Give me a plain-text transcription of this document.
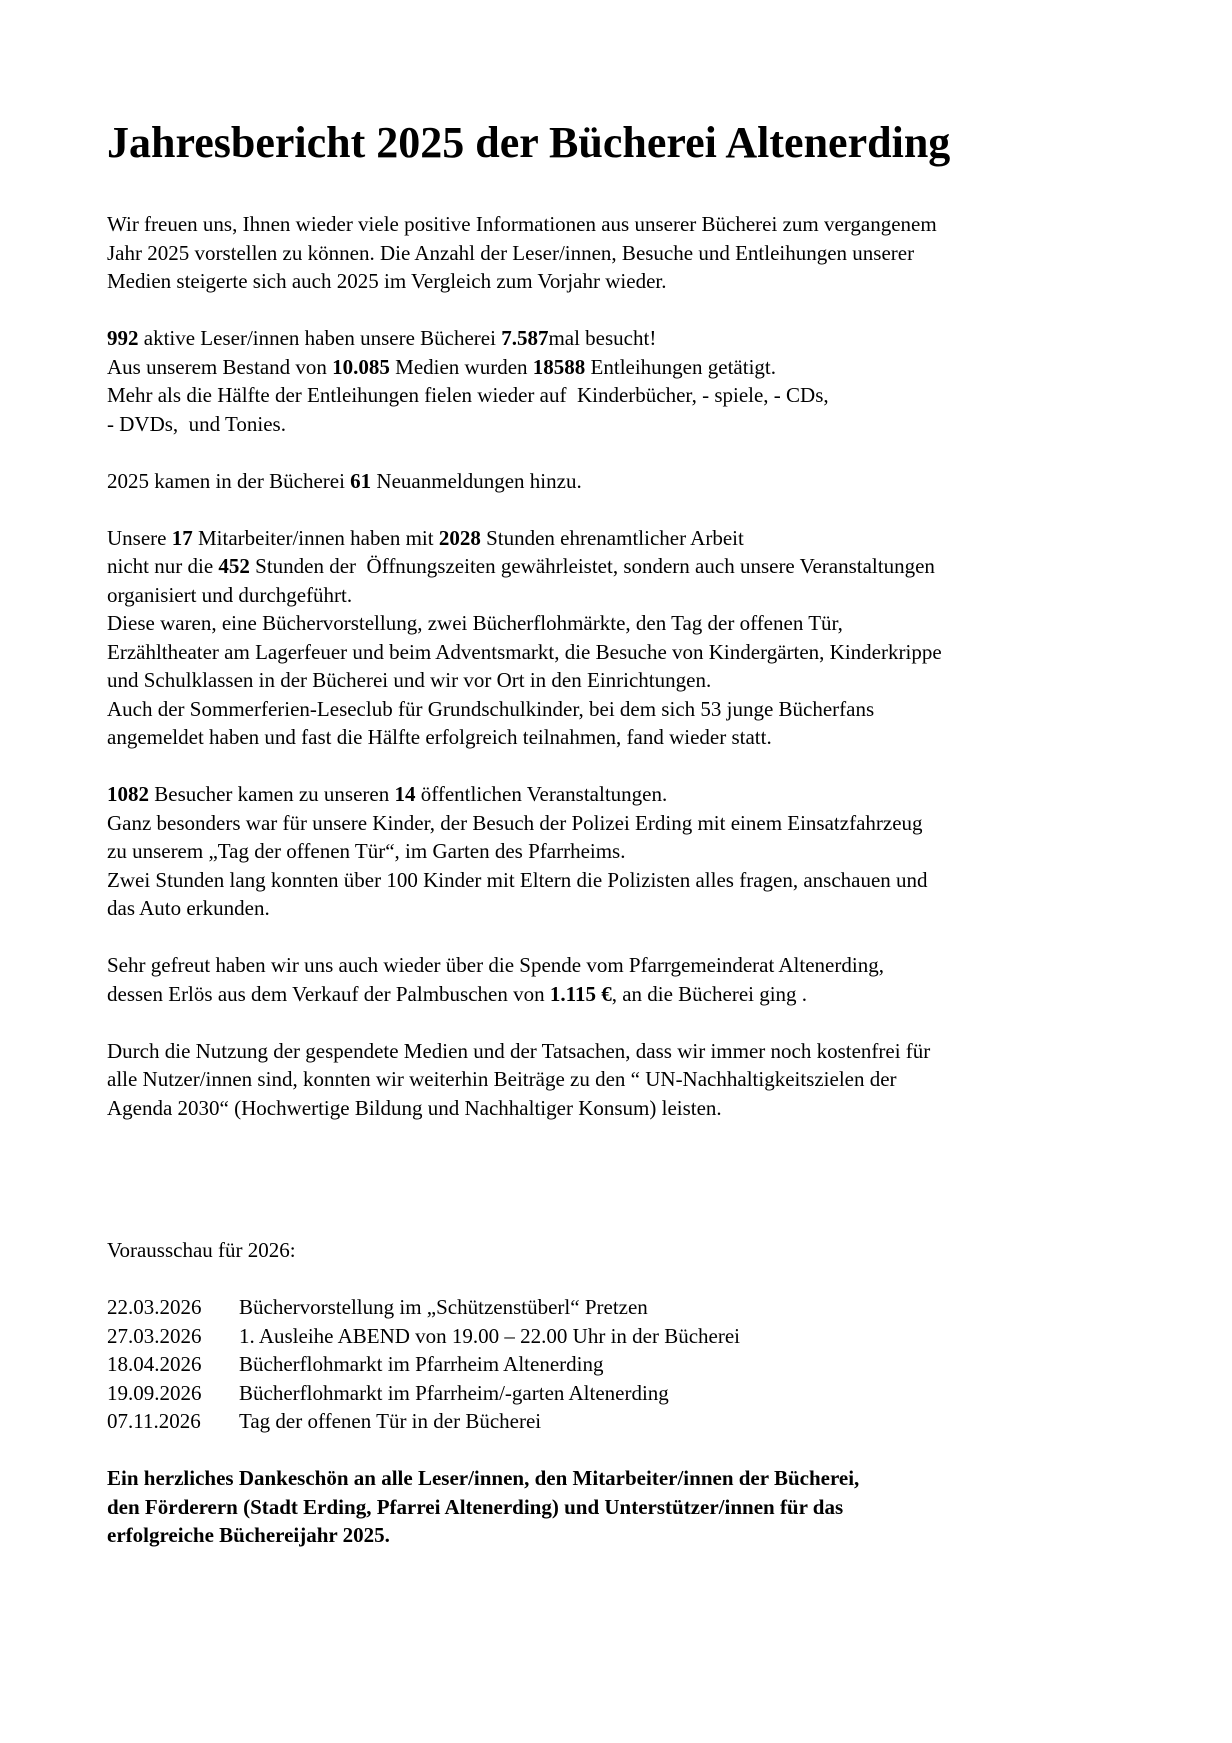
Jahresbericht 2025 der Bücherei Altenerding
Wir freuen uns, Ihnen wieder viele positive Informationen aus unserer Bücherei zum vergangenem
Jahr 2025 vorstellen zu können. Die Anzahl der Leser/innen, Besuche und Entleihungen unserer
Medien steigerte sich auch 2025 im Vergleich zum Vorjahr wieder.
992 aktive Leser/innen haben unsere Bücherei 7.587mal besucht!
Aus unserem Bestand von 10.085 Medien wurden 18588 Entleihungen getätigt.
Mehr als die Hälfte der Entleihungen fielen wieder auf  Kinderbücher, - spiele, - CDs,
- DVDs,  und Tonies.
2025 kamen in der Bücherei 61 Neuanmeldungen hinzu.
Unsere 17 Mitarbeiter/innen haben mit 2028 Stunden ehrenamtlicher Arbeit
nicht nur die 452 Stunden der  Öffnungszeiten gewährleistet, sondern auch unsere Veranstaltungen
organisiert und durchgeführt.
Diese waren, eine Büchervorstellung, zwei Bücherflohmärkte, den Tag der offenen Tür,
Erzähltheater am Lagerfeuer und beim Adventsmarkt, die Besuche von Kindergärten, Kinderkrippe
und Schulklassen in der Bücherei und wir vor Ort in den Einrichtungen.
Auch der Sommerferien-Leseclub für Grundschulkinder, bei dem sich 53 junge Bücherfans
angemeldet haben und fast die Hälfte erfolgreich teilnahmen, fand wieder statt.
1082 Besucher kamen zu unseren 14 öffentlichen Veranstaltungen.
Ganz besonders war für unsere Kinder, der Besuch der Polizei Erding mit einem Einsatzfahrzeug
zu unserem „Tag der offenen Tür“, im Garten des Pfarrheims.
Zwei Stunden lang konnten über 100 Kinder mit Eltern die Polizisten alles fragen, anschauen und
das Auto erkunden.
Sehr gefreut haben wir uns auch wieder über die Spende vom Pfarrgemeinderat Altenerding,
dessen Erlös aus dem Verkauf der Palmbuschen von 1.115 €, an die Bücherei ging .
Durch die Nutzung der gespendete Medien und der Tatsachen, dass wir immer noch kostenfrei für
alle Nutzer/innen sind, konnten wir weiterhin Beiträge zu den “ UN-Nachhaltigkeitszielen der
Agenda 2030“ (Hochwertige Bildung und Nachhaltiger Konsum) leisten.
Vorausschau für 2026:
22.03.2026 Büchervorstellung im „Schützenstüberl“ Pretzen
27.03.2026 1. Ausleihe ABEND von 19.00 – 22.00 Uhr in der Bücherei
18.04.2026 Bücherflohmarkt im Pfarrheim Altenerding
19.09.2026 Bücherflohmarkt im Pfarrheim/-garten Altenerding
07.11.2026 Tag der offenen Tür in der Bücherei
Ein herzliches Dankeschön an alle Leser/innen, den Mitarbeiter/innen der Bücherei,
den Förderern (Stadt Erding, Pfarrei Altenerding) und Unterstützer/innen für das
erfolgreiche Büchereijahr 2025.
